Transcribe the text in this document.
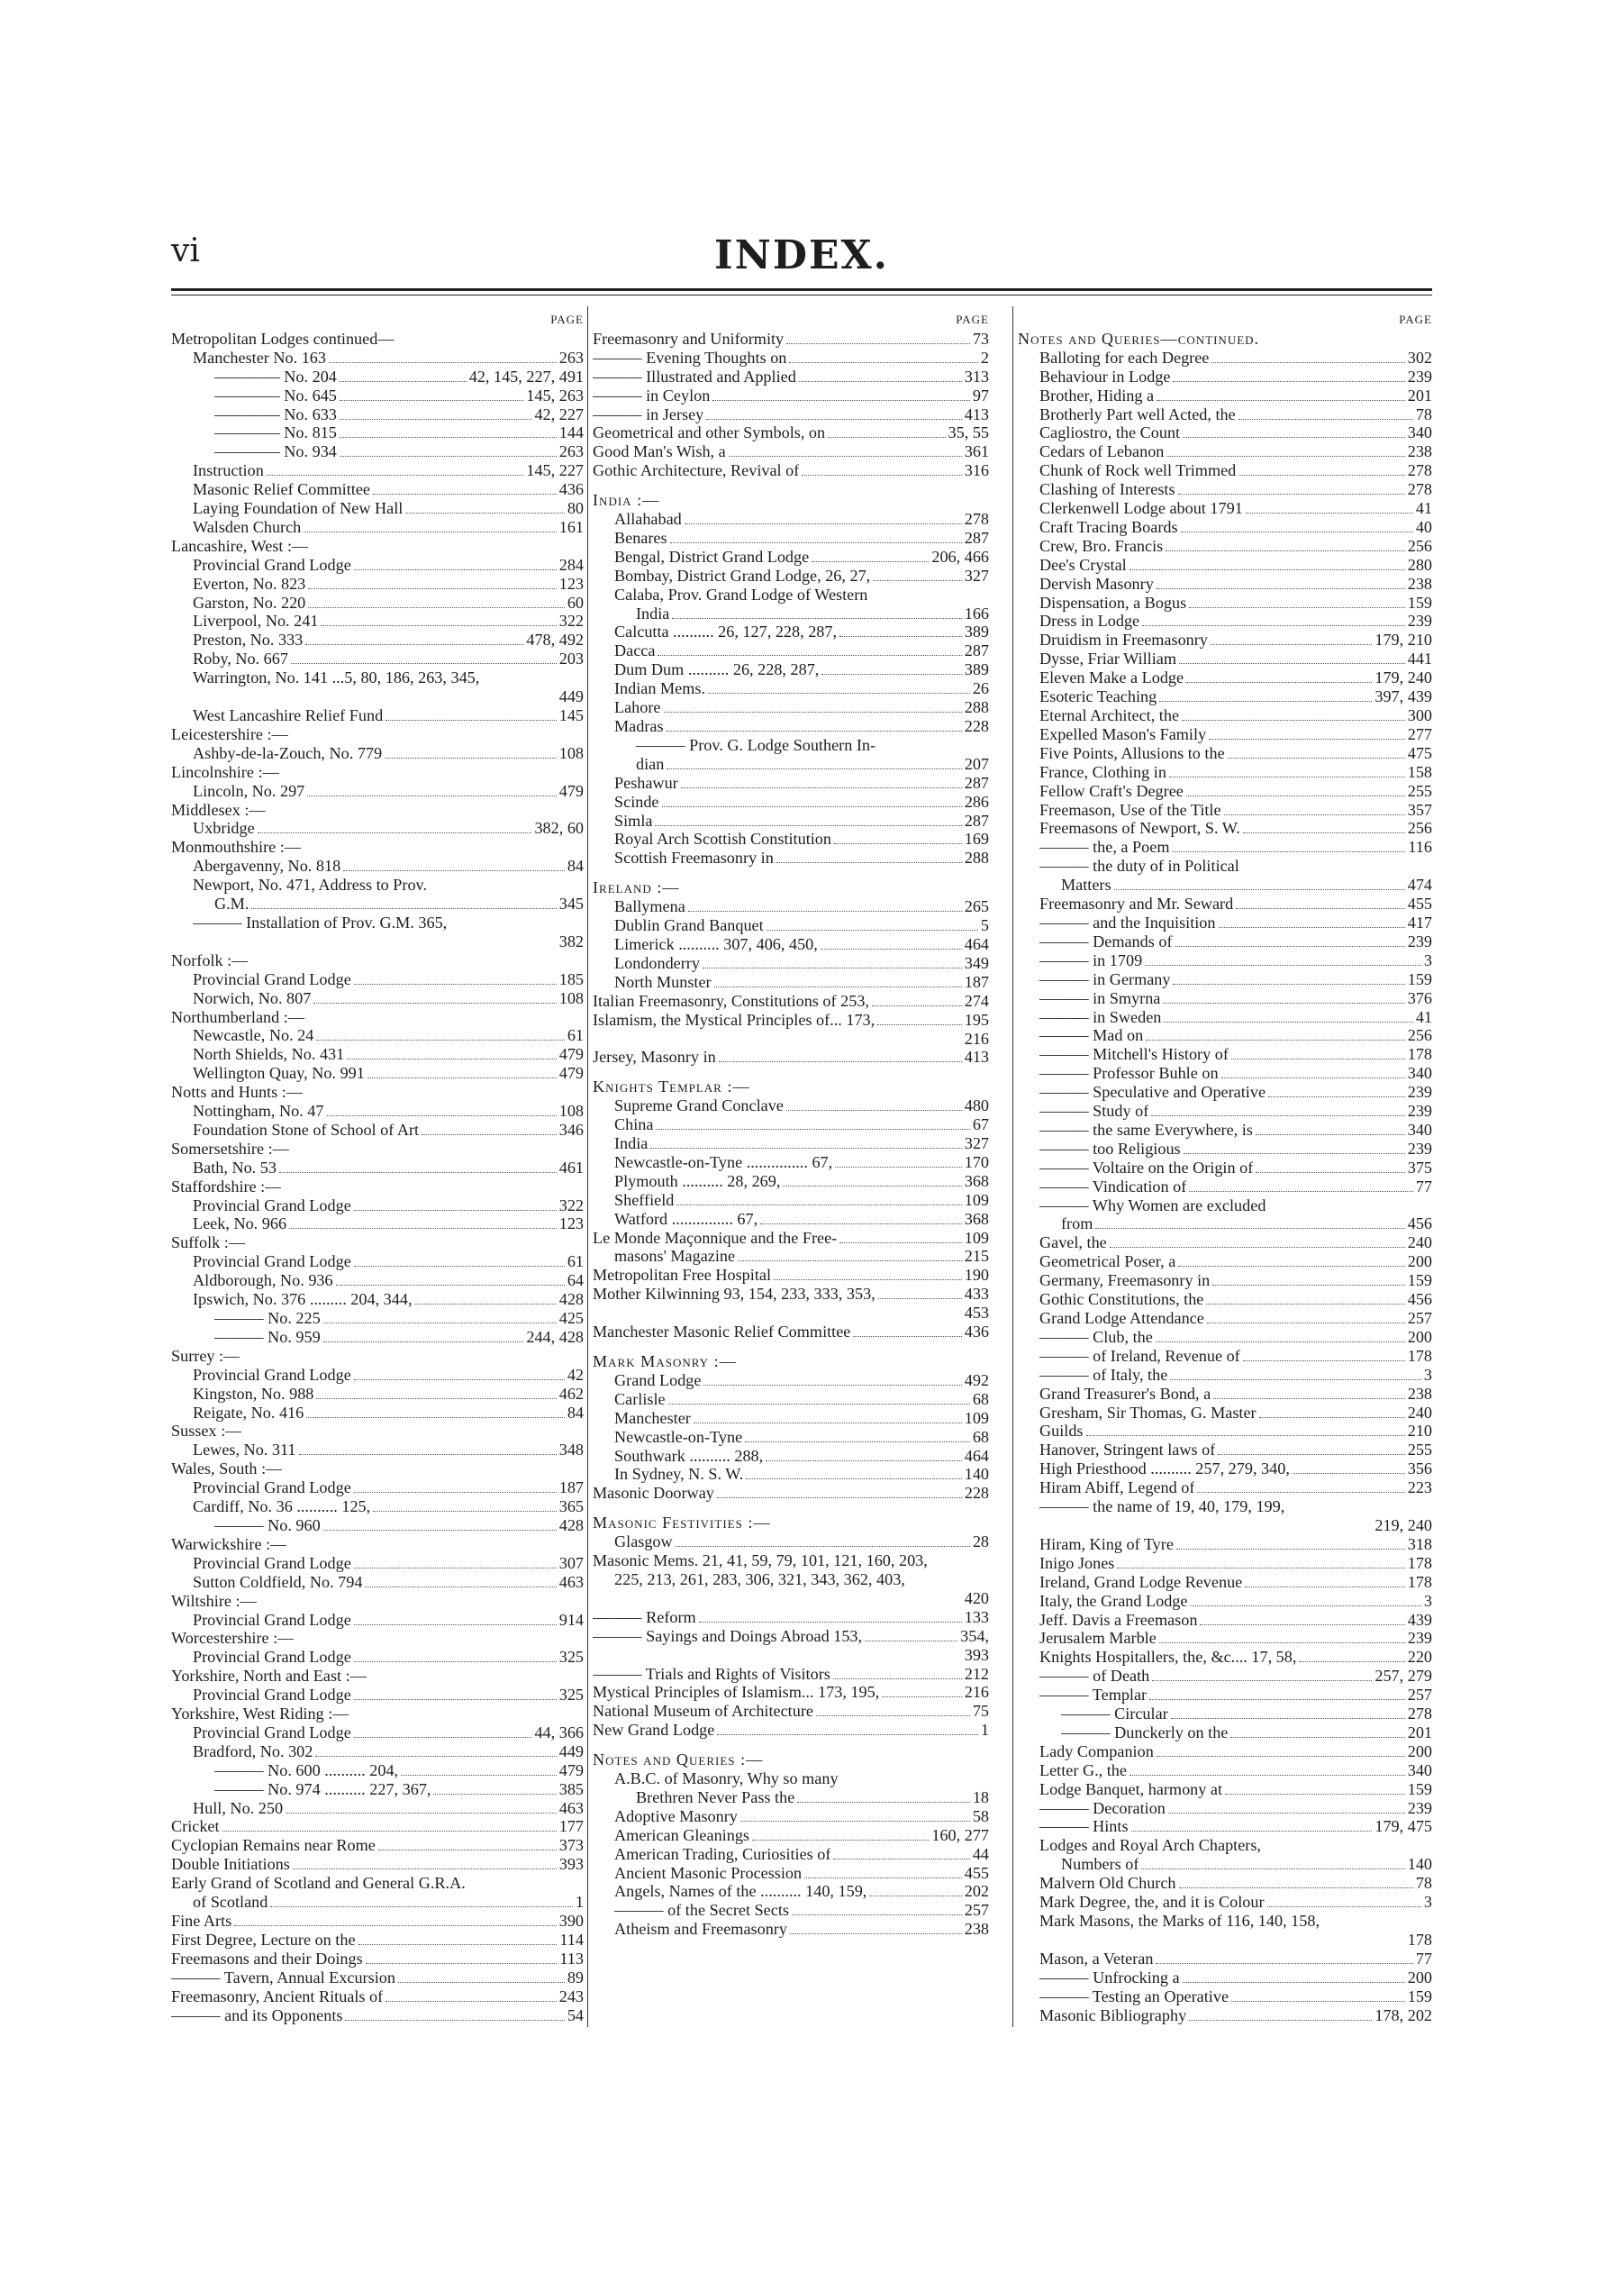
vi	INDEX.
PAGE
Metropolitan Lodges continued—
Manchester No. 163	263
———— No. 204	42, 145, 227, 491
———— No. 645	145, 263
———— No. 633	42, 227
———— No. 815	144
———— No. 934	263
Instruction	145, 227
Masonic Relief Committee	436
Laying Foundation of New Hall	80
Walsden Church	161
Lancashire, West :—
Provincial Grand Lodge	284
Everton, No. 823	123
Garston, No. 220	60
Liverpool, No. 241	322
Preston, No. 333	478, 492
Roby, No. 667	203
Warrington, No. 141 ...5, 80, 186, 263, 345,
449
West Lancashire Relief Fund	145
Leicestershire :—
Ashby-de-la-Zouch, No. 779	108
Lincolnshire :—
Lincoln, No. 297	479
Middlesex :—
Uxbridge	382, 60
Monmouthshire :—
Abergavenny, No. 818	84
Newport, No. 471, Address to Prov.
G.M.	345
——— Installation of Prov. G.M. 365,
382
Norfolk :—
Provincial Grand Lodge	185
Norwich, No. 807	108
Northumberland :—
Newcastle, No. 24	61
North Shields, No. 431	479
Wellington Quay, No. 991	479
Notts and Hunts :—
Nottingham, No. 47	108
Foundation Stone of School of Art	346
Somersetshire :—
Bath, No. 53	461
Staffordshire :—
Provincial Grand Lodge	322
Leek, No. 966	123
Suffolk :—
Provincial Grand Lodge	61
Aldborough, No. 936	64
Ipswich, No. 376 ......... 204, 344,	428
——— No. 225	425
——— No. 959	244, 428
Surrey :—
Provincial Grand Lodge	42
Kingston, No. 988	462
Reigate, No. 416	84
Sussex :—
Lewes, No. 311	348
Wales, South :—
Provincial Grand Lodge	187
Cardiff, No. 36 .......... 125,	365
——— No. 960	428
Warwickshire :—
Provincial Grand Lodge	307
Sutton Coldfield, No. 794	463
Wiltshire :—
Provincial Grand Lodge	914
Worcestershire :—
Provincial Grand Lodge	325
Yorkshire, North and East :—
Provincial Grand Lodge	325
Yorkshire, West Riding :—
Provincial Grand Lodge	44, 366
Bradford, No. 302	449
——— No. 600 .......... 204,	479
——— No. 974 .......... 227, 367,	385
Hull, No. 250	463
Cricket	177
Cyclopian Remains near Rome	373
Double Initiations	393
Early Grand of Scotland and General G.R.A.
of Scotland	1
Fine Arts	390
First Degree, Lecture on the	114
Freemasons and their Doings	113
——— Tavern, Annual Excursion	89
Freemasonry, Ancient Rituals of	243
——— and its Opponents	54
PAGE
Freemasonry and Uniformity	73
——— Evening Thoughts on	2
——— Illustrated and Applied	313
——— in Ceylon	97
——— in Jersey	413
Geometrical and other Symbols, on	35, 55
Good Man's Wish, a	361
Gothic Architecture, Revival of	316
India :—
Allahabad	278
Benares	287
Bengal, District Grand Lodge	206, 466
Bombay, District Grand Lodge, 26, 27,	327
Calaba, Prov. Grand Lodge of Western
India	166
Calcutta .......... 26, 127, 228, 287,	389
Dacca	287
Dum Dum .......... 26, 228, 287,	389
Indian Mems.	26
Lahore	288
Madras	228
——— Prov. G. Lodge Southern In-
dian	207
Peshawur	287
Scinde	286
Simla	287
Royal Arch Scottish Constitution	169
Scottish Freemasonry in	288
Ireland :—
Ballymena	265
Dublin Grand Banquet	5
Limerick .......... 307, 406, 450,	464
Londonderry	349
North Munster	187
Italian Freemasonry, Constitutions of 253,	274
Islamism, the Mystical Principles of... 173,	195
216
Jersey, Masonry in	413
Knights Templar :—
Supreme Grand Conclave	480
China	67
India	327
Newcastle-on-Tyne ............... 67,	170
Plymouth .......... 28, 269,	368
Sheffield	109
Watford ............... 67,	368
Le Monde Maçonnique and the Free-	109
masons' Magazine	215
Metropolitan Free Hospital	190
Mother Kilwinning 93, 154, 233, 333, 353,	433
453
Manchester Masonic Relief Committee	436
Mark Masonry :—
Grand Lodge	492
Carlisle	68
Manchester	109
Newcastle-on-Tyne	68
Southwark .......... 288,	464
In Sydney, N. S. W.	140
Masonic Doorway	228
Masonic Festivities :—
Glasgow	28
Masonic Mems. 21, 41, 59, 79, 101, 121, 160, 203,
225, 213, 261, 283, 306, 321, 343, 362, 403,
420
——— Reform	133
——— Sayings and Doings Abroad 153,	354,
393
——— Trials and Rights of Visitors	212
Mystical Principles of Islamism... 173, 195,	216
National Museum of Architecture	75
New Grand Lodge	1
Notes and Queries :—
A.B.C. of Masonry, Why so many
Brethren Never Pass the	18
Adoptive Masonry	58
American Gleanings	160, 277
American Trading, Curiosities of	44
Ancient Masonic Procession	455
Angels, Names of the .......... 140, 159,	202
——— of the Secret Sects	257
Atheism and Freemasonry	238
PAGE
Notes and Queries—continued.
Balloting for each Degree	302
Behaviour in Lodge	239
Brother, Hiding a	201
Brotherly Part well Acted, the	78
Cagliostro, the Count	340
Cedars of Lebanon	238
Chunk of Rock well Trimmed	278
Clashing of Interests	278
Clerkenwell Lodge about 1791	41
Craft Tracing Boards	40
Crew, Bro. Francis	256
Dee's Crystal	280
Dervish Masonry	238
Dispensation, a Bogus	159
Dress in Lodge	239
Druidism in Freemasonry	179, 210
Dysse, Friar William	441
Eleven Make a Lodge	179, 240
Esoteric Teaching	397, 439
Eternal Architect, the	300
Expelled Mason's Family	277
Five Points, Allusions to the	475
France, Clothing in	158
Fellow Craft's Degree	255
Freemason, Use of the Title	357
Freemasons of Newport, S. W.	256
——— the, a Poem	116
——— the duty of in Political
Matters	474
Freemasonry and Mr. Seward	455
——— and the Inquisition	417
——— Demands of	239
——— in 1709	3
——— in Germany	159
——— in Smyrna	376
——— in Sweden	41
——— Mad on	256
——— Mitchell's History of	178
——— Professor Buhle on	340
——— Speculative and Operative	239
——— Study of	239
——— the same Everywhere, is	340
——— too Religious	239
——— Voltaire on the Origin of	375
——— Vindication of	77
——— Why Women are excluded
from	456
Gavel, the	240
Geometrical Poser, a	200
Germany, Freemasonry in	159
Gothic Constitutions, the	456
Grand Lodge Attendance	257
——— Club, the	200
——— of Ireland, Revenue of	178
——— of Italy, the	3
Grand Treasurer's Bond, a	238
Gresham, Sir Thomas, G. Master	240
Guilds	210
Hanover, Stringent laws of	255
High Priesthood .......... 257, 279, 340,	356
Hiram Abiff, Legend of	223
——— the name of 19, 40, 179, 199,
219, 240
Hiram, King of Tyre	318
Inigo Jones	178
Ireland, Grand Lodge Revenue	178
Italy, the Grand Lodge	3
Jeff. Davis a Freemason	439
Jerusalem Marble	239
Knights Hospitallers, the, &c.... 17, 58,	220
——— of Death	257, 279
——— Templar	257
——— Circular	278
——— Dunckerly on the	201
Lady Companion	200
Letter G., the	340
Lodge Banquet, harmony at	159
——— Decoration	239
——— Hints	179, 475
Lodges and Royal Arch Chapters,
Numbers of	140
Malvern Old Church	78
Mark Degree, the, and it is Colour	3
Mark Masons, the Marks of 116, 140, 158,
178
Mason, a Veteran	77
——— Unfrocking a	200
——— Testing an Operative	159
Masonic Bibliography	178, 202
